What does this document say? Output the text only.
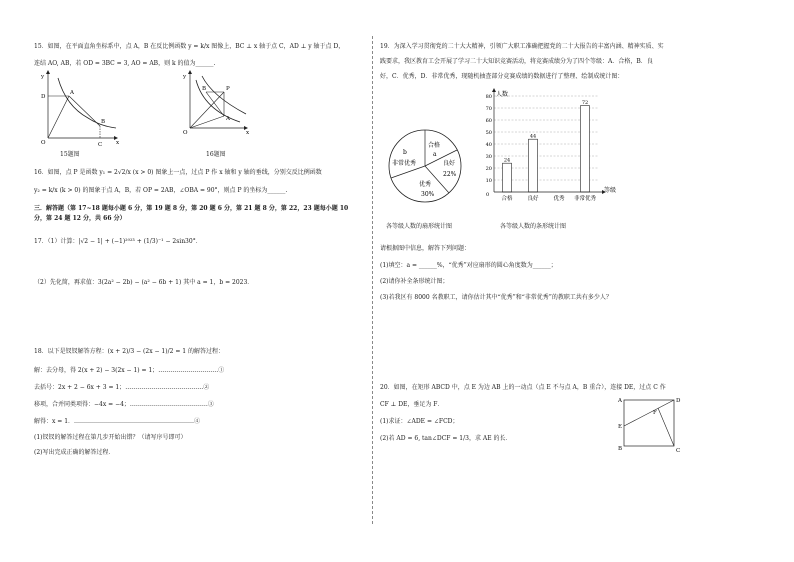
15．如图，在平面直角坐标系中，点 A，B 在反比例函数 y = k/x 图像上，BC ⊥ x 轴于点 C，AD ⊥ y 轴于点 D，
连结 AO, AB，若 OD = 3BC = 3, AO = AB，则 k 的值为______.
y
x
D
A
B
O	C
15题图
y
x
P
B
A
O
16题图
16．如图，点 P 是函数 y₁ = 2√2/x (x > 0) 图象上一点，过点 P 作 x 轴和 y 轴的垂线，分别交反比例函数
y₂ = k/x (k > 0) 的图象于点 A，B，若 OP = 2AB，∠OBA = 90°，则点 P 的坐标为______.
三．解答题（第 17~18 题每小题 6 分，第 19 题 8 分，第 20 题 6 分，第 21 题 8 分，第 22，23 题每小题 10
分，第 24 题 12 分，共 66 分）
17．（1）计算：|√2 − 1| + (−1)²⁰²³ + (1/3)⁻¹ − 2sin30°．
（2）先化简，再求值：3(2a² − 2b) − (a² − 6b + 1) 其中 a = 1，b = 2023．
18．以下是钗钗解答方程：(x + 2)/3 − (2x − 1)/2 = 1 的解答过程：
解：去分母，得 2(x + 2) − 3(2x − 1) = 1；…………………………①
去括号：2x + 2 − 6x + 3 = 1；…………………………………②
移项，合并同类项得：−4x = −4；…………………………………③
解得：x = 1．……………………………………………………④
(1)钗钗的解答过程在第几步开始出错？（请写序号即可）
(2)写出完成正确的解答过程．
19．为深入学习贯彻党的二十大大精神，引领广大职工准确把握党的二十大报告的丰富内涵、精神实质、实
践要求，我区教育工会开展了学习二十大知识竞赛活动，将竞赛成绩分为了四个等级：A．合格，B．良
好，C．优秀，D．非常优秀，现随机抽查部分竞赛成绩的数据进行了整理、绘制成统计图：
合格
a
良好
22%
优秀
30%
b
非常优秀
各等级人数的扇形统计图
10
20
30
40
50
60
70
80
24
44
72
合格	良好	优秀 非常优秀
人数
等级
0
各等级人数的条形统计图
请根据图中信息，解答下列问题：
(1)填空：a = ______%，“优秀”对应扇形的圆心角度数为______；
(2)请你补全条形统计图；
(3)若我区有 8000 名教职工，请你估计其中“优秀”和“非常优秀”的教职工共有多少人？
20．如图，在矩形 ABCD 中，点 E 为边 AB 上的一动点（点 E 不与点 A，B 重合），连接 DE，过点 C 作
CF ⊥ DE，垂足为 F．
(1)求证：∠ADE = ∠FCD；
(2)若 AD = 6, tan∠DCF = 1/3，求 AE 的长．
A	D
E
F
B	C
